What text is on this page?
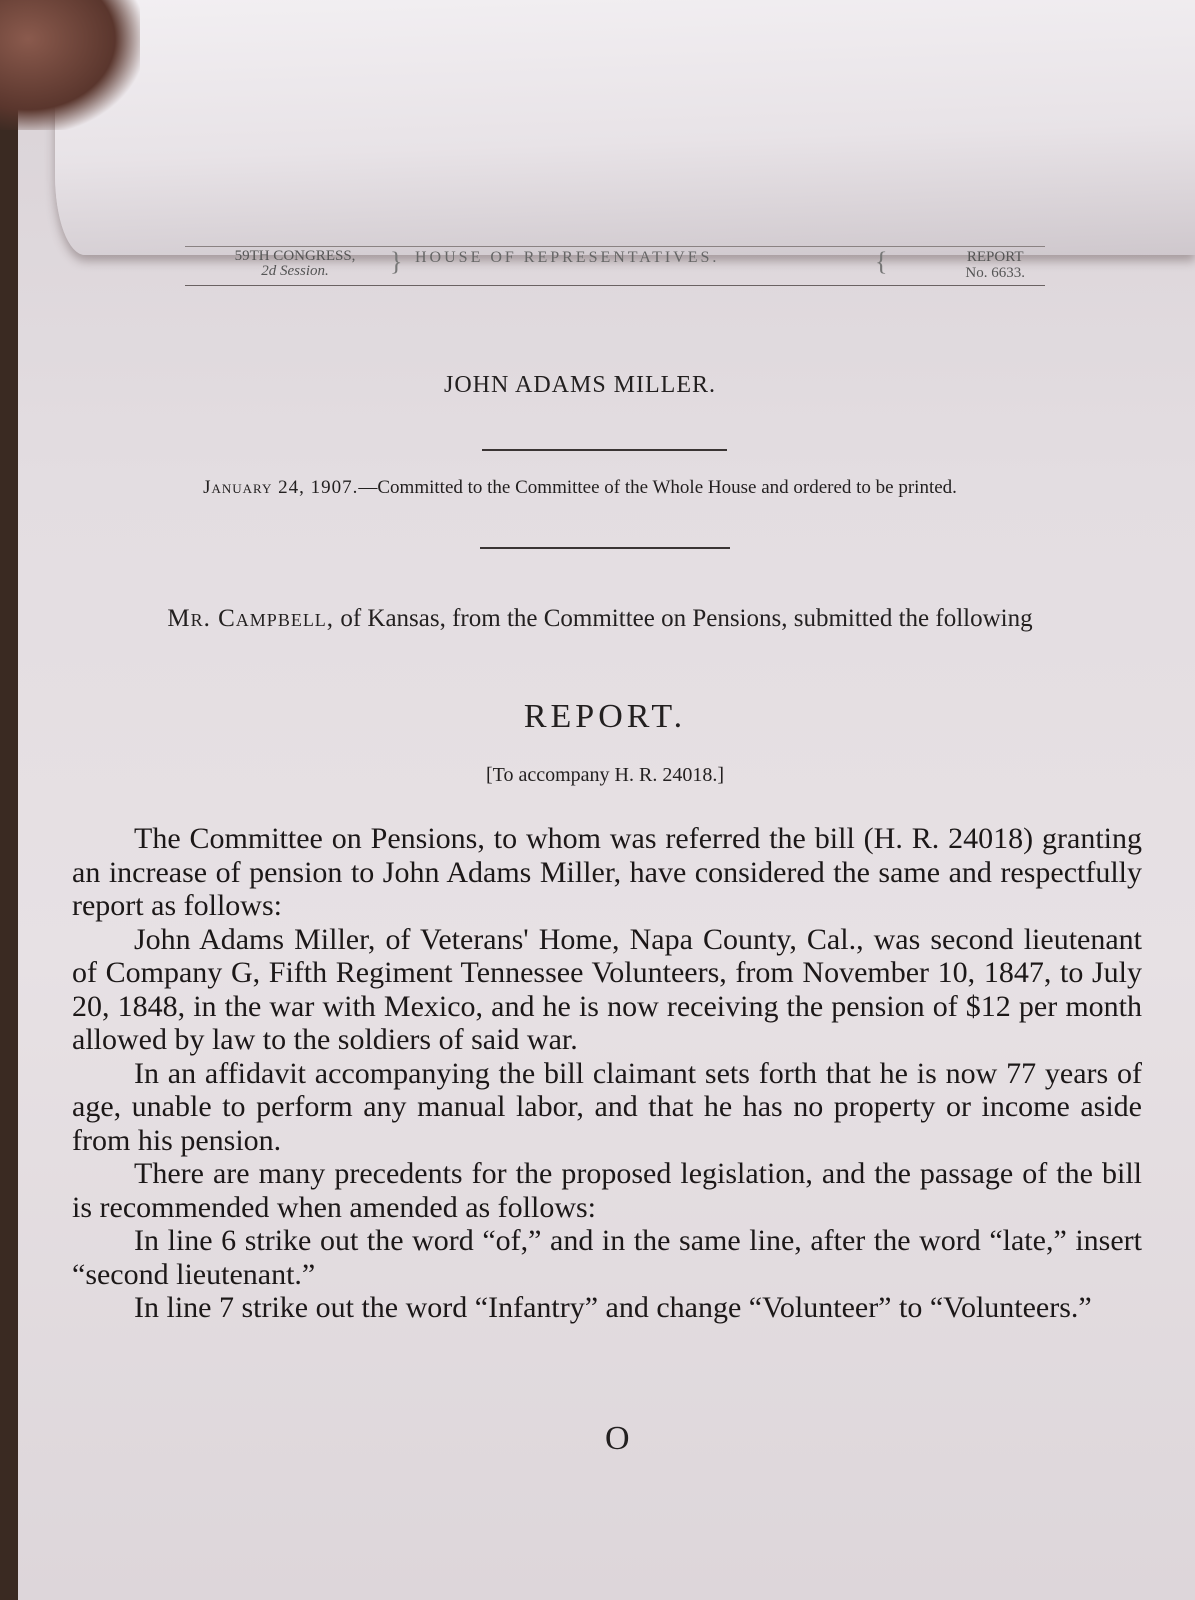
59TH CONGRESS,
2d Session.	} HOUSE OF REPRESENTATIVES.	{	REPORT
No. 6633.
JOHN ADAMS MILLER.
January 24, 1907.—Committed to the Committee of the Whole House and ordered to be printed.
Mr. Campbell, of Kansas, from the Committee on Pensions, submitted the following
REPORT.
[To accompany H. R. 24018.]

The Committee on Pensions, to whom was referred the bill (H. R. 24018) granting an increase of pension to John Adams Miller, have considered the same and respectfully report as follows:

John Adams Miller, of Veterans' Home, Napa County, Cal., was second lieutenant of Company G, Fifth Regiment Tennessee Volunteers, from November 10, 1847, to July 20, 1848, in the war with Mexico, and he is now receiving the pension of $12 per month allowed by law to the soldiers of said war.

In an affidavit accompanying the bill claimant sets forth that he is now 77 years of age, unable to perform any manual labor, and that he has no property or income aside from his pension.

There are many precedents for the proposed legislation, and the passage of the bill is recommended when amended as follows:

In line 6 strike out the word “of,” and in the same line, after the word “late,” insert “second lieutenant.”

In line 7 strike out the word “Infantry” and change “Volunteer” to “Volunteers.”

O
